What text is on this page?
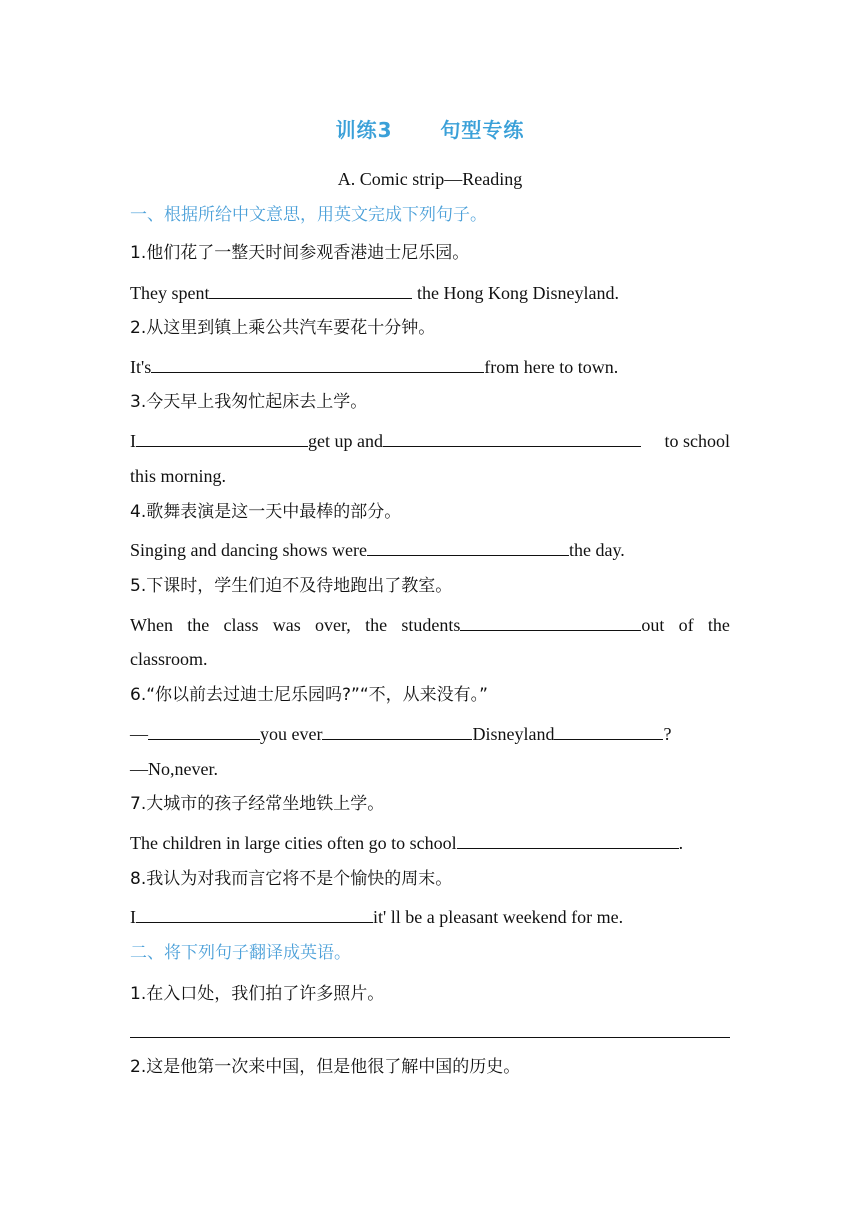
训练3      句型专练
A. Comic strip—Reading
一、根据所给中文意思，用英文完成下列句子。
1.他们花了一整天时间参观香港迪士尼乐园。
They spent	the Hong Kong Disneyland.
2.从这里到镇上乘公共汽车要花十分钟。
It's	from here to town.
3.今天早上我匆忙起床去上学。
I	get up and	to school
this morning.
4.歌舞表演是这一天中最棒的部分。
Singing and dancing shows were	the day.
5.下课时，学生们迫不及待地跑出了教室。
When the class was over, the students	out of the
classroom.
6.“你以前去过迪士尼乐园吗?”“不，从来没有。”
—	you ever	Disneyland	?
—No,never.
7.大城市的孩子经常坐地铁上学。
The children in large cities often go to school	.
8.我认为对我而言它将不是个愉快的周末。
I	it' ll be a pleasant weekend for me.
二、将下列句子翻译成英语。
1.在入口处，我们拍了许多照片。
2.这是他第一次来中国，但是他很了解中国的历史。
